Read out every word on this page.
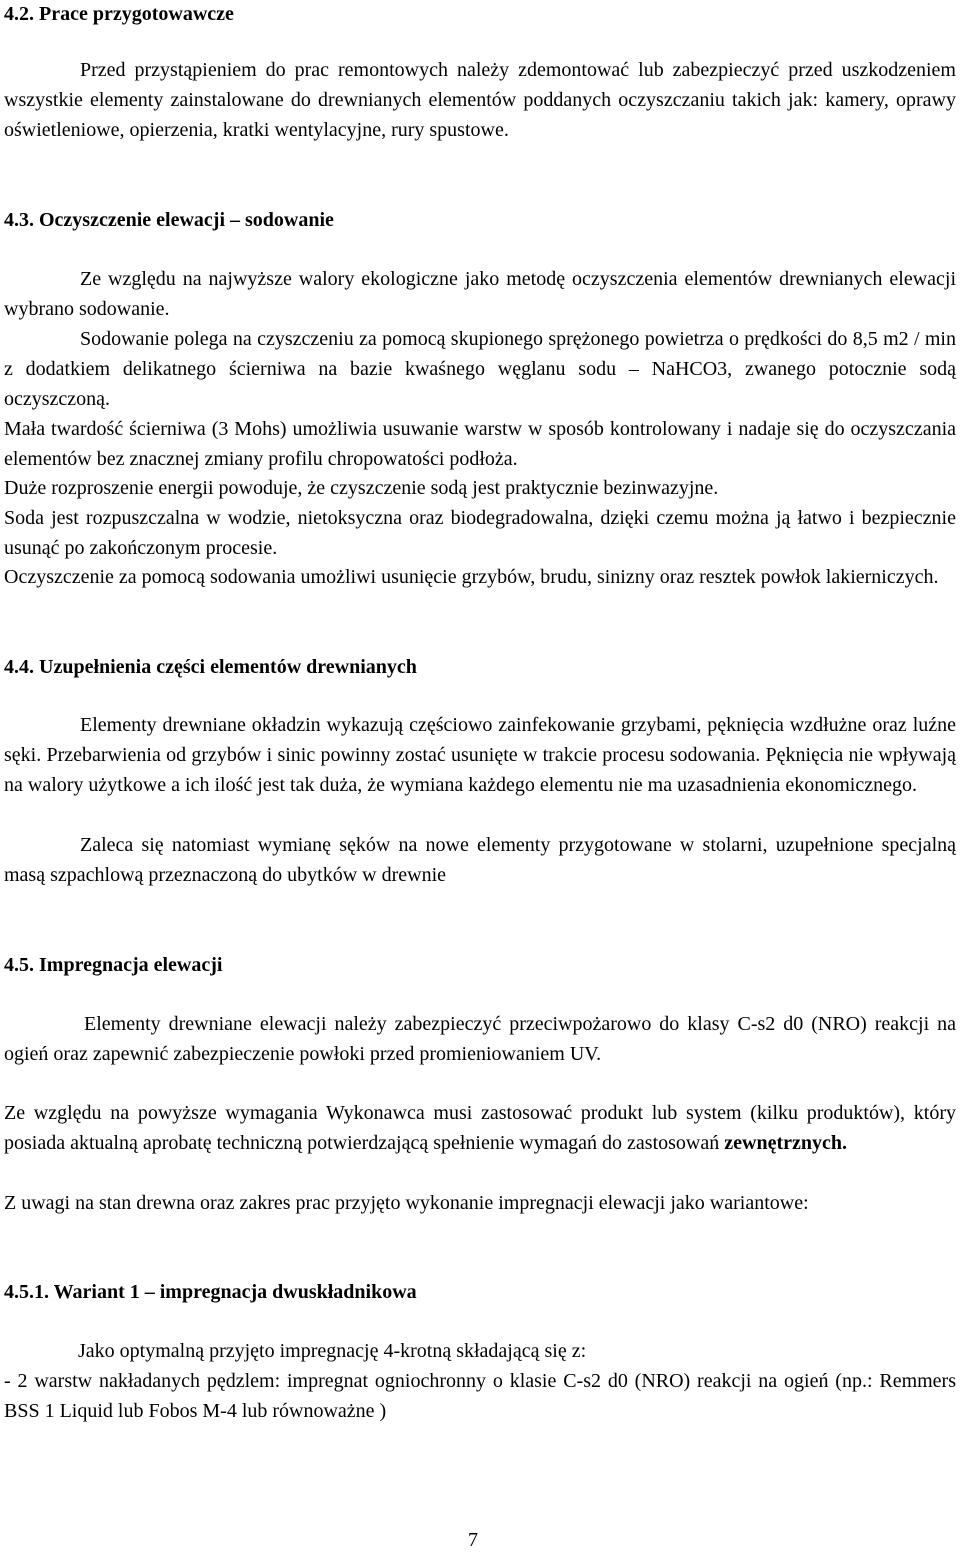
4.2. Prace przygotowawcze

Przed przystąpieniem do prac remontowych należy zdemontować lub zabezpieczyć przed uszkodzeniem wszystkie elementy zainstalowane do drewnianych elementów poddanych oczyszczaniu takich jak: kamery, oprawy oświetleniowe, opierzenia, kratki wentylacyjne, rury spustowe.

4.3. Oczyszczenie elewacji – sodowanie

Ze względu na najwyższe walory ekologiczne jako metodę oczyszczenia elementów drewnianych elewacji wybrano sodowanie.

Sodowanie polega na czyszczeniu za pomocą skupionego sprężonego powietrza o prędkości do 8,5 m2 / min z dodatkiem delikatnego ścierniwa na bazie kwaśnego węglanu sodu – NaHCO3, zwanego potocznie sodą oczyszczoną.

Mała twardość ścierniwa (3 Mohs) umożliwia usuwanie warstw w sposób kontrolowany i nadaje się do oczyszczania elementów bez znacznej zmiany profilu chropowatości podłoża.

Duże rozproszenie energii powoduje, że czyszczenie sodą jest praktycznie bezinwazyjne.

Soda jest rozpuszczalna w wodzie, nietoksyczna oraz biodegradowalna, dzięki czemu można ją łatwo i bezpiecznie usunąć po zakończonym procesie.

Oczyszczenie za pomocą sodowania umożliwi usunięcie grzybów, brudu, sinizny oraz resztek powłok lakierniczych.

4.4. Uzupełnienia części elementów drewnianych

Elementy drewniane okładzin wykazują częściowo zainfekowanie grzybami, pęknięcia wzdłużne oraz luźne sęki. Przebarwienia od grzybów i sinic powinny zostać usunięte w trakcie procesu sodowania. Pęknięcia nie wpływają na walory użytkowe a ich ilość jest tak duża, że wymiana każdego elementu nie ma uzasadnienia ekonomicznego.

Zaleca się natomiast wymianę sęków na nowe elementy przygotowane w stolarni, uzupełnione specjalną masą szpachlową przeznaczoną do ubytków w drewnie

4.5. Impregnacja elewacji

Elementy drewniane elewacji należy zabezpieczyć przeciwpożarowo do klasy C-s2 d0 (NRO) reakcji na ogień oraz zapewnić zabezpieczenie powłoki przed promieniowaniem UV.

Ze względu na powyższe wymagania Wykonawca musi zastosować produkt lub system (kilku produktów), który posiada aktualną aprobatę techniczną potwierdzającą spełnienie wymagań do zastosowań zewnętrznych.

Z uwagi na stan drewna oraz zakres prac przyjęto wykonanie impregnacji elewacji jako wariantowe:

4.5.1. Wariant 1 – impregnacja dwuskładnikowa

Jako optymalną przyjęto impregnację 4-krotną składającą się z:

- 2 warstw nakładanych pędzlem: impregnat ogniochronny o klasie C-s2 d0 (NRO) reakcji na ogień (np.: Remmers BSS 1 Liquid lub Fobos M-4 lub równoważne )

7
